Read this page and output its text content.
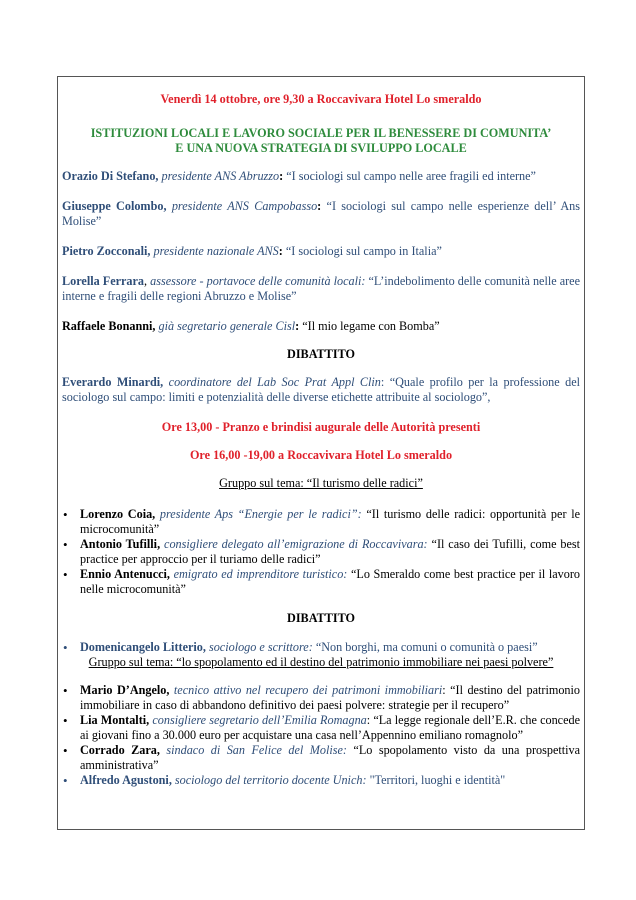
Venerdì 14 ottobre, ore 9,30 a Roccavivara Hotel Lo smeraldo

ISTITUZIONI LOCALI E LAVORO SOCIALE PER IL BENESSERE DI COMUNITA’

E UNA NUOVA STRATEGIA DI SVILUPPO LOCALE

Orazio Di Stefano, presidente ANS Abruzzo: “I sociologi sul campo nelle aree fragili ed interne”

Giuseppe Colombo, presidente ANS Campobasso: “I sociologi sul campo nelle esperienze dell’ Ans Molise”

Pietro Zocconali, presidente nazionale ANS: “I sociologi sul campo in Italia”

Lorella Ferrara, assessore - portavoce delle comunità locali: “L’indebolimento delle comunità nelle aree interne e fragili delle regioni Abruzzo e Molise”

Raffaele Bonanni, già segretario generale Cisl: “Il mio legame con Bomba”

DIBATTITO

Everardo Minardi, coordinatore del Lab Soc Prat Appl Clin: “Quale profilo per la professione del sociologo sul campo: limiti e potenzialità delle diverse etichette attribuite al sociologo”,

Ore 13,00 - Pranzo e brindisi augurale delle Autorità presenti

Ore 16,00 -19,00 a Roccavivara Hotel Lo smeraldo

Gruppo sul tema: “Il turismo delle radici”

• Lorenzo Coia, presidente Aps “Energie per le radici”: “Il turismo delle radici: opportunità per le microcomunità”
• Antonio Tufilli, consigliere delegato all’emigrazione di Roccavivara: “Il caso dei Tufilli, come best practice per approccio per il turiamo delle radici”
• Ennio Antenucci, emigrato ed imprenditore turistico: “Lo Smeraldo come best practice per il lavoro nelle microcomunità”

DIBATTITO

• Domenicangelo Litterio, sociologo e scrittore: “Non borghi, ma comuni o comunità o paesi”

Gruppo sul tema: “lo spopolamento ed il destino del patrimonio immobiliare nei paesi polvere”

• Mario D’Angelo, tecnico attivo nel recupero dei patrimoni immobiliari: “Il destino del patrimonio immobiliare in caso di abbandono definitivo dei paesi polvere: strategie per il recupero”
• Lia Montalti, consigliere segretario dell’Emilia Romagna: “La legge regionale dell’E.R. che concede ai giovani fino a 30.000 euro per acquistare una casa nell’Appennino emiliano romagnolo”
• Corrado Zara, sindaco di San Felice del Molise: “Lo spopolamento visto da una prospettiva amministrativa”
• Alfredo Agustoni, sociologo del territorio docente Unich: "Territori, luoghi e identità"
